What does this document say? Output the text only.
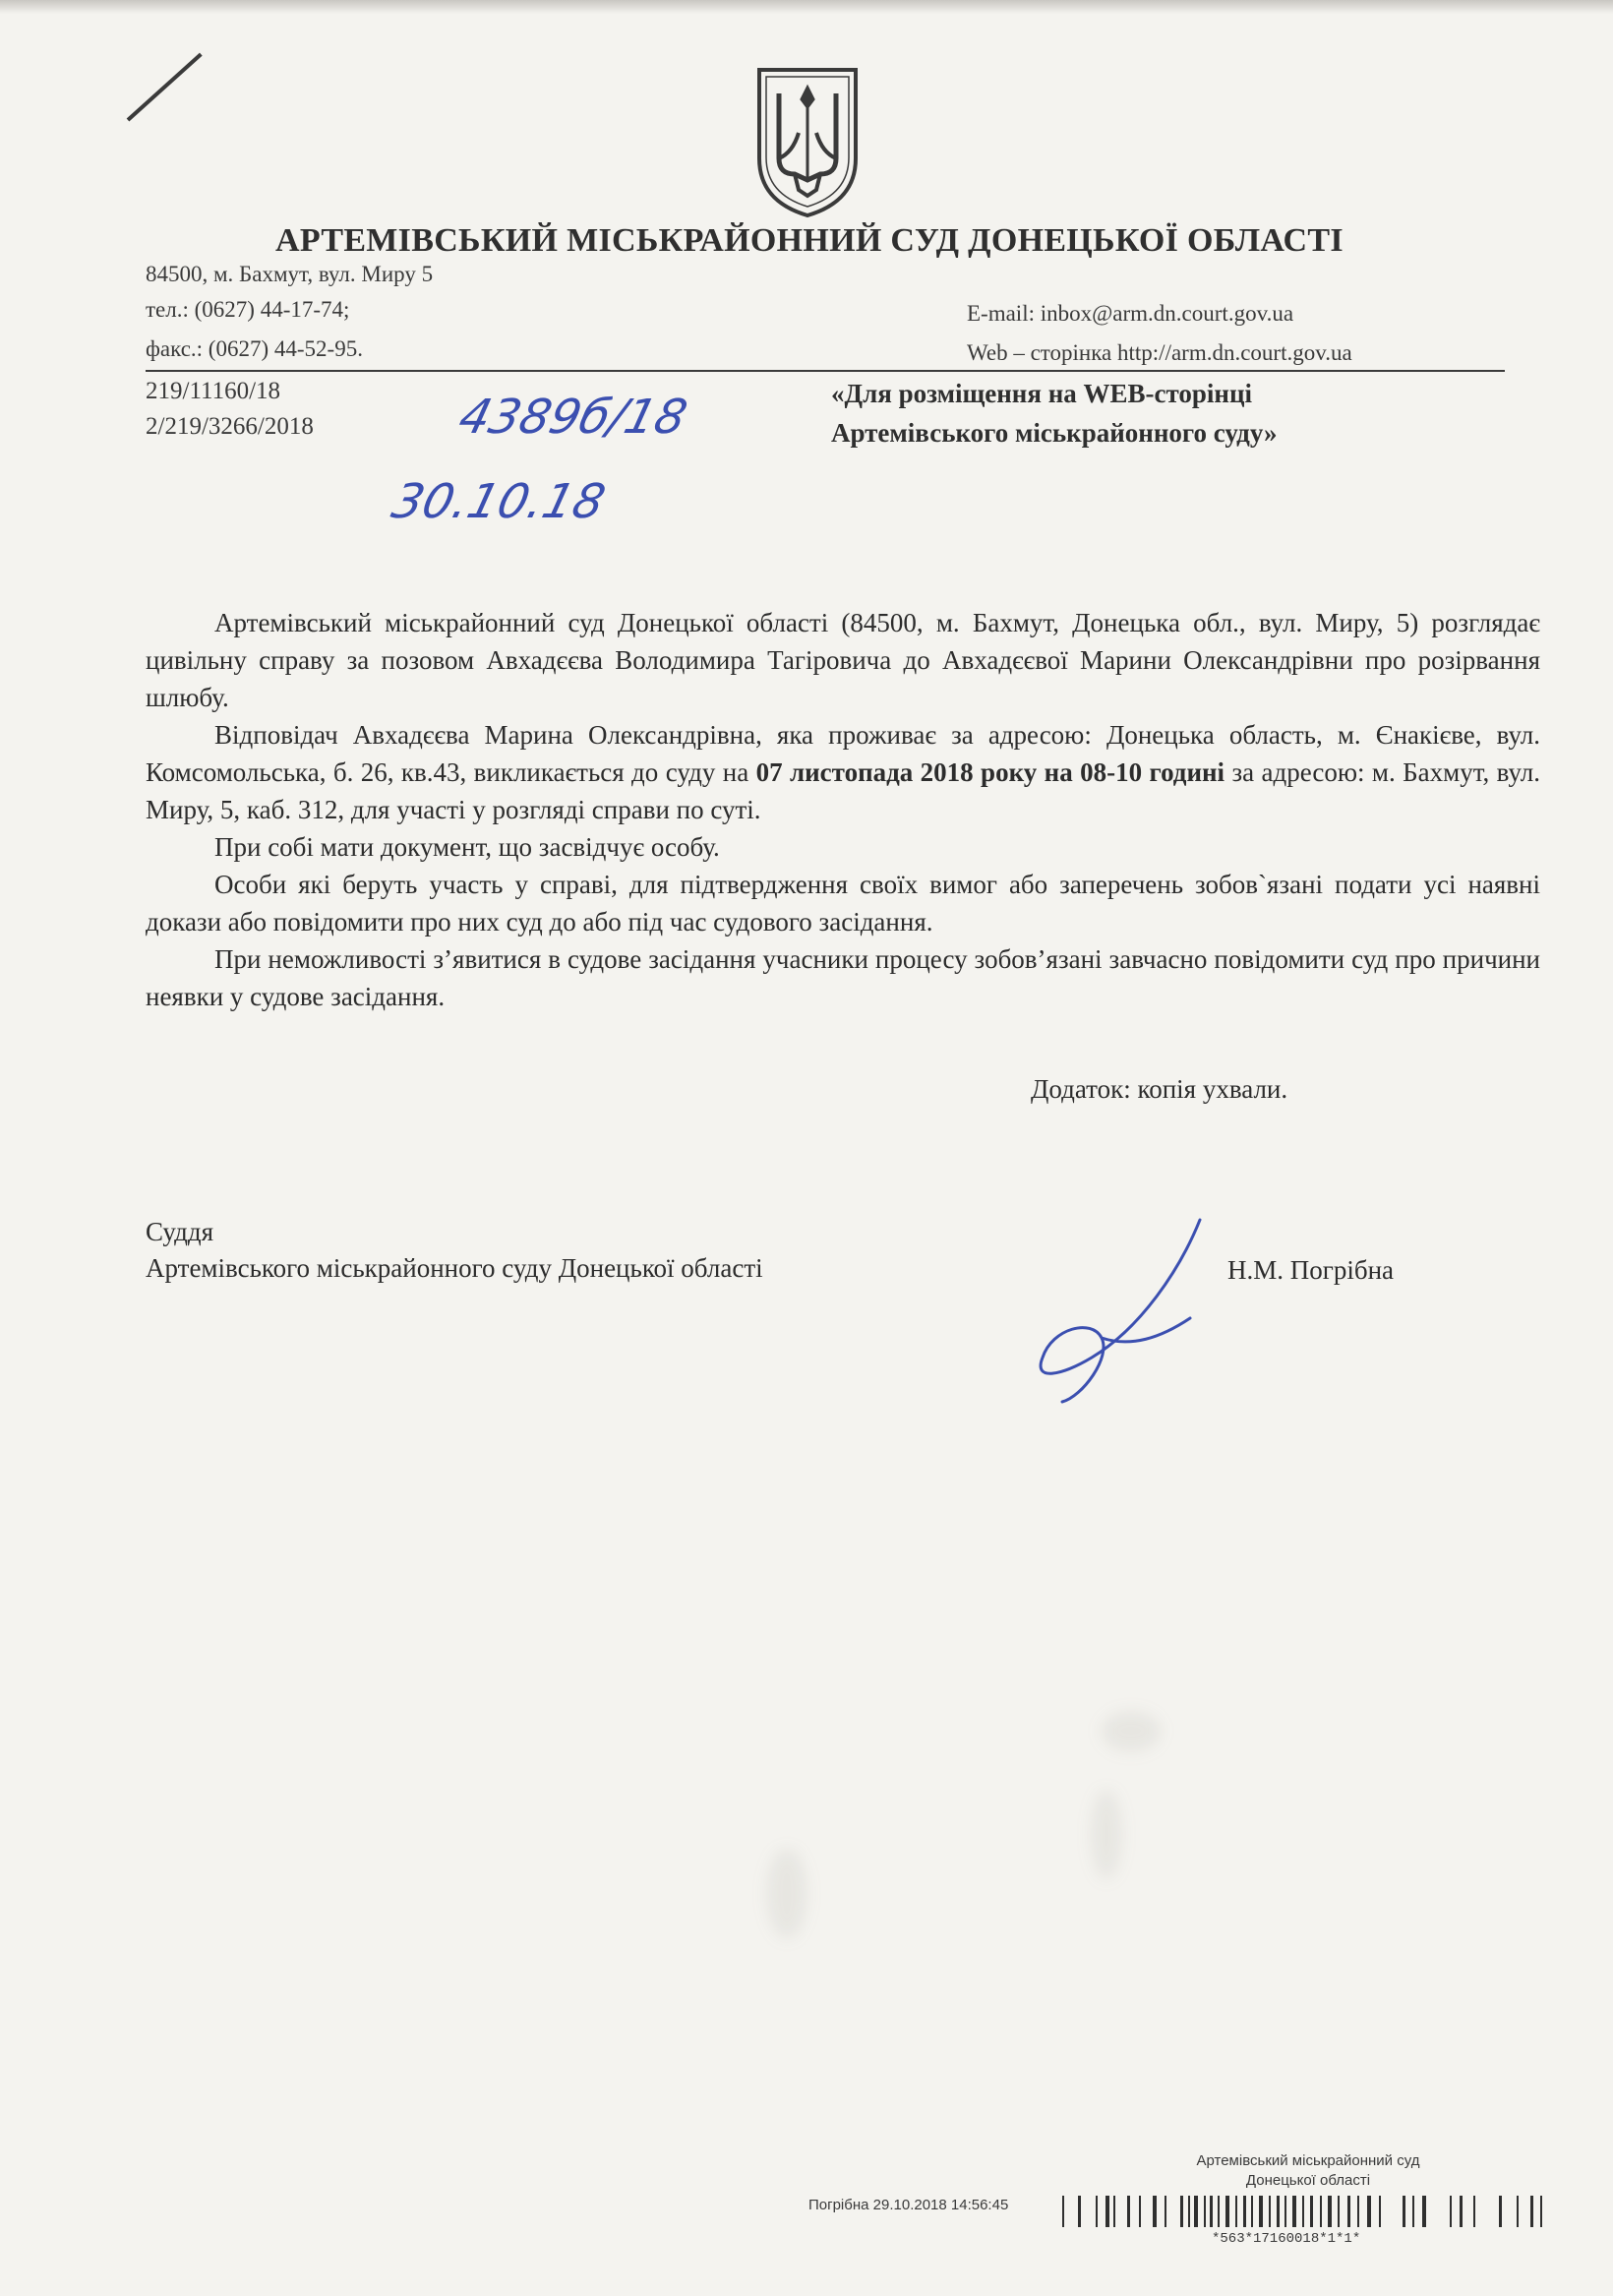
АРТЕМІВСЬКИЙ МІСЬКРАЙОННИЙ СУД ДОНЕЦЬКОЇ ОБЛАСТІ
84500, м. Бахмут, вул. Миру 5
тел.: (0627) 44-17-74;
факс.: (0627) 44-52-95.
E-mail: inbox@arm.dn.court.gov.ua
Web – сторінка http://arm.dn.court.gov.ua
219/11160/18
2/219/3266/2018	4389б/18
30.10.18
«Для розміщення на WEB-сторінці
Артемівського міськрайонного суду»

Артемівський міськрайонний суд Донецької області (84500, м. Бахмут, Донецька обл., вул. Миру, 5) розглядає цивільну справу за позовом Авхадєєва Володимира Тагіровича до Авхадєєвої Марини Олександрівни про розірвання шлюбу.

Відповідач Авхадєєва Марина Олександрівна, яка проживає за адресою: Донецька область, м. Єнакієве, вул. Комсомольська, б. 26, кв.43, викликається до суду на 07 листопада 2018 року на 08-10 годині за адресою: м. Бахмут, вул. Миру, 5, каб. 312, для участі у розгляді справи по суті.

При собі мати документ, що засвідчує особу.

Особи які беруть участь у справі, для підтвердження своїх вимог або заперечень зобов`язані подати усі наявні докази або повідомити про них суд до або під час судового засідання.

При неможливості з’явитися в судове засідання учасники процесу зобов’язані завчасно повідомити суд про причини неявки у судове засідання.

Додаток: копія ухвали.
Суддя
Артемівського міськрайонного суду Донецької області	Н.М. Погрібна
Артемівський міськрайонний суд
Донецької області
Погрібна 29.10.2018 14:56:45
*563*17160018*1*1*
